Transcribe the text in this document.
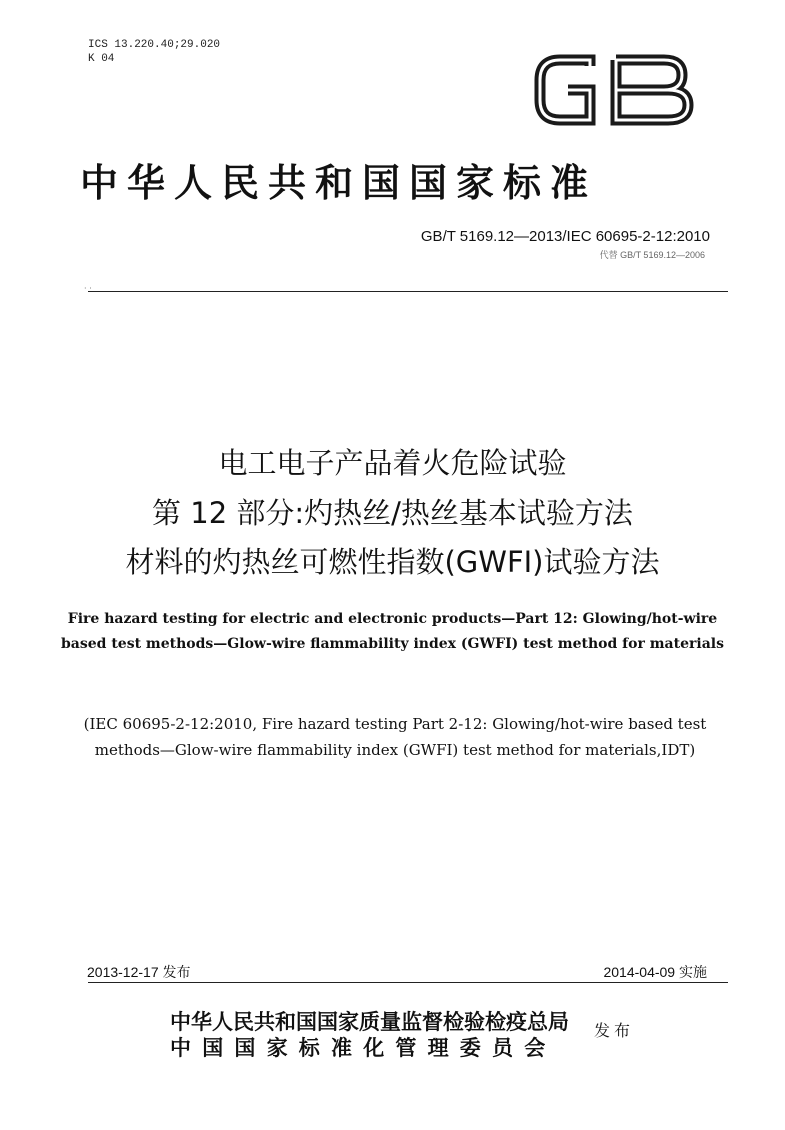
ICS 13.220.40;29.020
K 04
中华人民共和国国家标准
GB/T 5169.12—2013/IEC 60695-2-12:2010
代替 GB/T 5169.12—2006
· ·
电工电子产品着火危险试验
第 12 部分:灼热丝/热丝基本试验方法
材料的灼热丝可燃性指数(GWFI)试验方法
Fire hazard testing for electric and electronic products—Part 12: Glowing/hot-wire based test methods—Glow-wire flammability index (GWFI) test method for materials
(IEC 60695-2-12:2010, Fire hazard testing Part 2-12: Glowing/hot-wire based test methods—Glow-wire flammability index (GWFI) test method for materials,IDT)
2013-12-17 发布	2014-04-09 实施
中华人民共和国国家质量监督检验检疫总局
中国国家标准化管理委员会
发布
